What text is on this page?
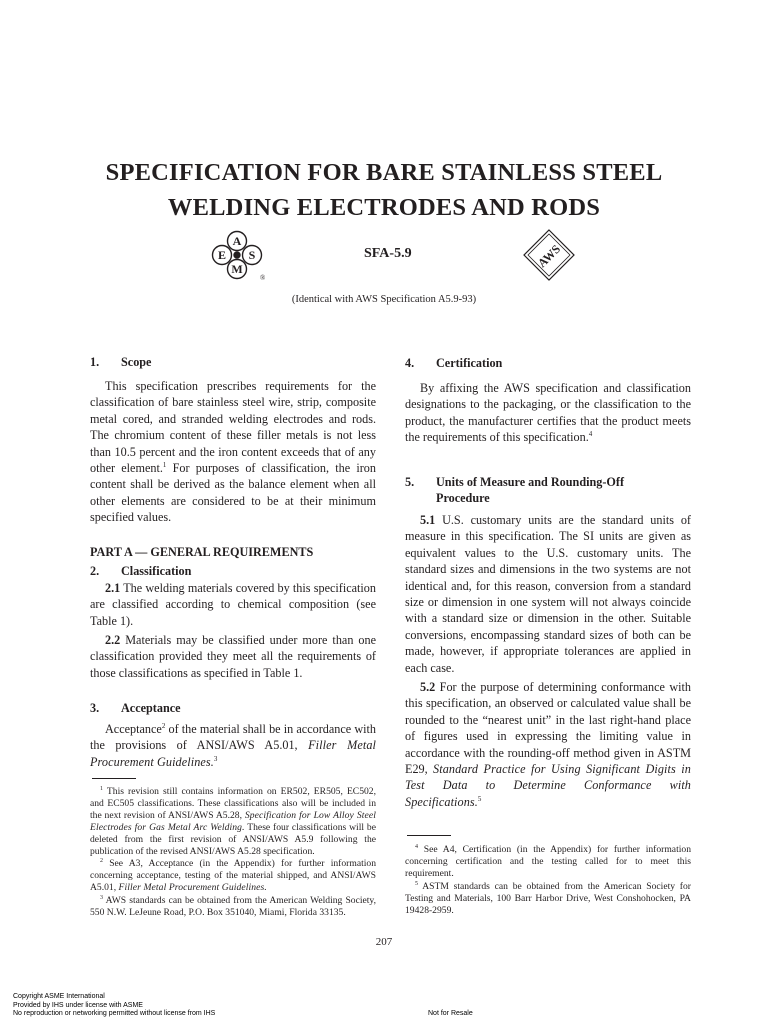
SPECIFICATION FOR BARE STAINLESS STEEL
WELDING ELECTRODES AND RODS
A
S
M
E
®
SFA-5.9	AWS
(Identical with AWS Specification A5.9-93)
1. Scope

This specification prescribes requirements for the classification of bare stainless steel wire, strip, composite metal cored, and stranded welding electrodes and rods. The chromium content of these filler metals is not less than 10.5 percent and the iron content exceeds that of any other element.$^1$ For purposes of classification, the iron content shall be derived as the balance element when all other elements are considered to be at their minimum specified values.

PART A — GENERAL REQUIREMENTS
2. Classification

2.1 The welding materials covered by this specification are classified according to chemical composition (see Table 1).

2.2 Materials may be classified under more than one classification provided they meet all the requirements of those classifications as specified in Table 1.

3. Acceptance

Acceptance$^2$ of the material shall be in accordance with the provisions of ANSI/AWS A5.01, Filler Metal Procurement Guidelines.$^3$

$^1$ This revision still contains information on ER502, ER505, EC502, and EC505 classifications. These classifications also will be included in the next revision of ANSI/AWS A5.28, Specification for Low Alloy Steel Electrodes for Gas Metal Arc Welding. These four classifications will be deleted from the first revision of ANSI/AWS A5.9 following the publication of the revised ANSI/AWS A5.28 specification.

$^2$ See A3, Acceptance (in the Appendix) for further information concerning acceptance, testing of the material shipped, and ANSI/AWS A5.01, Filler Metal Procurement Guidelines.

$^3$ AWS standards can be obtained from the American Welding Society, 550 N.W. LeJeune Road, P.O. Box 351040, Miami, Florida 33135.

4. Certification

By affixing the AWS specification and classification designations to the packaging, or the classification to the product, the manufacturer certifies that the product meets the requirements of this specification.$^4$

5. Units of Measure and Rounding-Off
Procedure

5.1 U.S. customary units are the standard units of measure in this specification. The SI units are given as equivalent values to the U.S. customary units. The standard sizes and dimensions in the two systems are not identical and, for this reason, conversion from a standard size or dimension in one system will not always coincide with a standard size or dimension in the other. Suitable conversions, encompassing standard sizes of both can be made, however, if appropriate tolerances are applied in each case.

5.2 For the purpose of determining conformance with this specification, an observed or calculated value shall be rounded to the “nearest unit” in the last right-hand place of figures used in expressing the limiting value in accordance with the rounding-off method given in ASTM E29, Standard Practice for Using Significant Digits in Test Data to Determine Conformance with Specifications.$^5$

$^4$ See A4, Certification (in the Appendix) for further information concerning certification and the testing called for to meet this requirement.

$^5$ ASTM standards can be obtained from the American Society for Testing and Materials, 100 Barr Harbor Drive, West Conshohocken, PA 19428-2959.

207
Copyright ASME International
Provided by IHS under license with ASME
No reproduction or networking permitted without license from IHS	Not for Resale
